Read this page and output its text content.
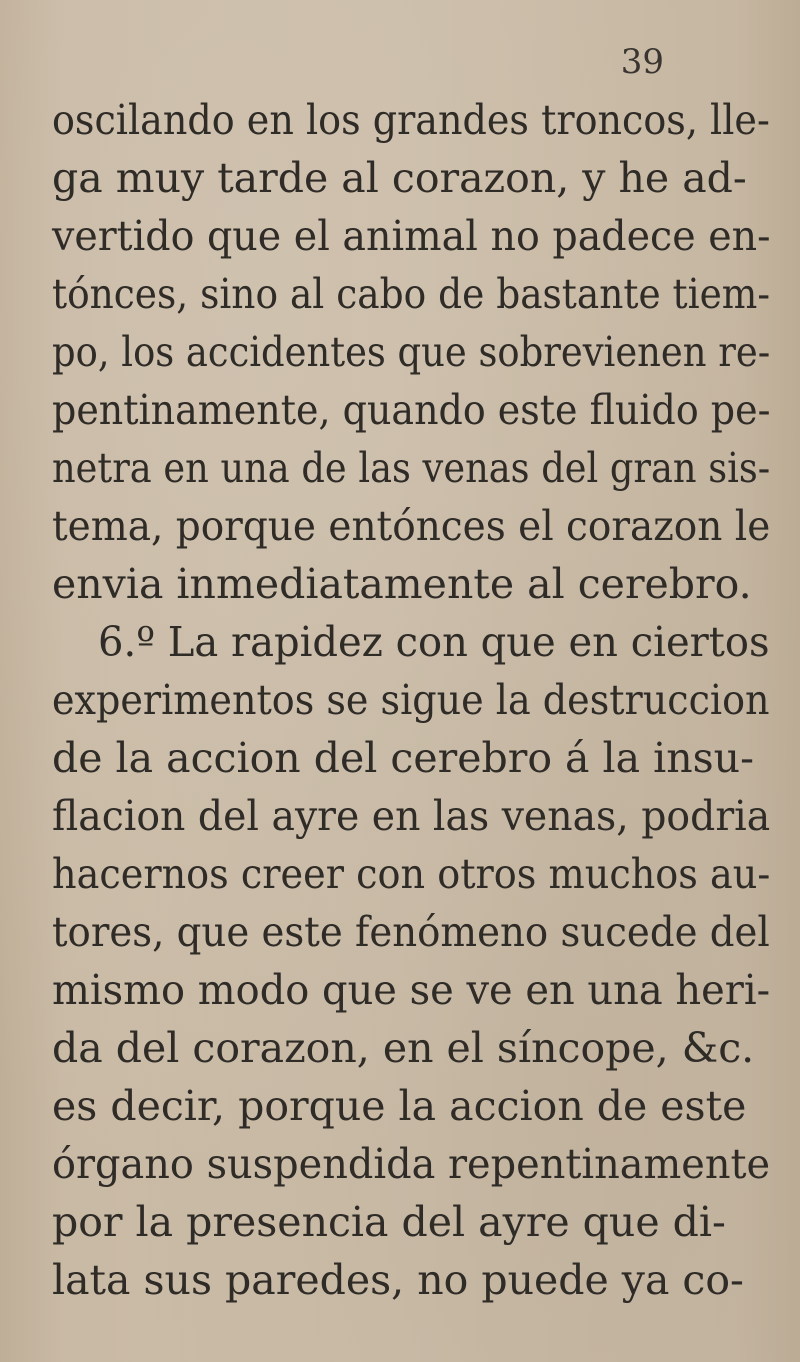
39
oscilando en los grandes troncos, lle-
ga muy tarde al corazon, y he ad-
vertido que el animal no padece en-
tónces, sino al cabo de bastante tiem-
po, los accidentes que sobrevienen re-
pentinamente, quando este fluido pe-
netra en una de las venas del gran sis-
tema, porque entónces el corazon le
envia inmediatamente al cerebro.
6.º La rapidez con que en ciertos
experimentos se sigue la destruccion
de la accion del cerebro á la insu-
flacion del ayre en las venas, podria
hacernos creer con otros muchos au-
tores, que este fenómeno sucede del
mismo modo que se ve en una heri-
da del corazon, en el síncope, &c.
es decir, porque la accion de este
órgano suspendida repentinamente
por la presencia del ayre que di-
lata sus paredes, no puede ya co-
